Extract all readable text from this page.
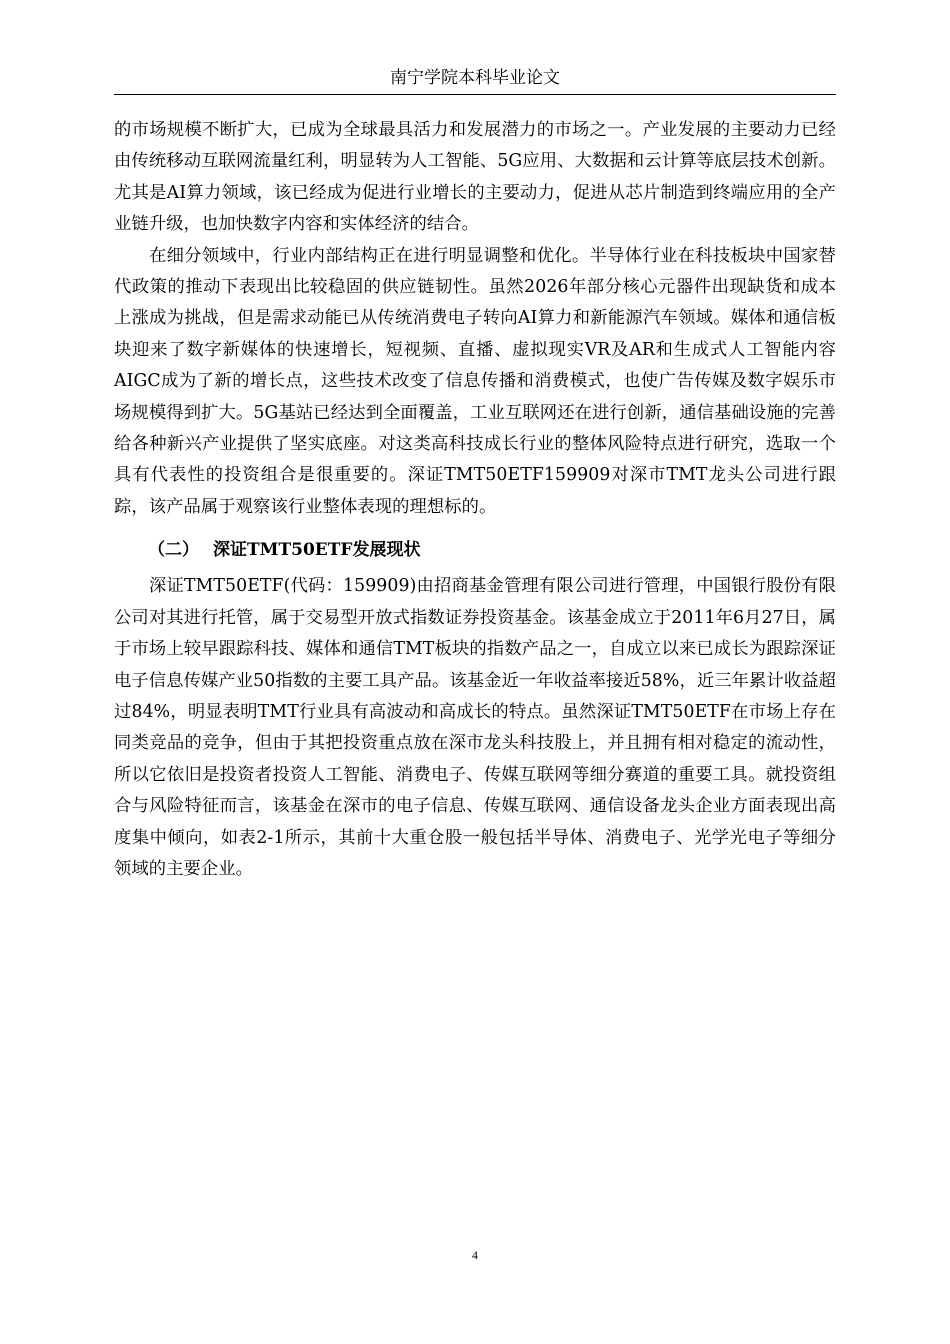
南宁学院本科毕业论文

的市场规模不断扩大，已成为全球最具活力和发展潜力的市场之一。产业发展的主要动力已经由传统移动互联网流量红利，明显转为人工智能、5G应用、大数据和云计算等底层技术创新。尤其是AI算力领域，该已经成为促进行业增长的主要动力，促进从芯片制造到终端应用的全产业链升级，也加快数字内容和实体经济的结合。

在细分领域中，行业内部结构正在进行明显调整和优化。半导体行业在科技板块中国家替代政策的推动下表现出比较稳固的供应链韧性。虽然2026年部分核心元器件出现缺货和成本上涨成为挑战，但是需求动能已从传统消费电子转向AI算力和新能源汽车领域。媒体和通信板块迎来了数字新媒体的快速增长，短视频、直播、虚拟现实VR及AR和生成式人工智能内容AIGC成为了新的增长点，这些技术改变了信息传播和消费模式，也使广告传媒及数字娱乐市场规模得到扩大。5G基站已经达到全面覆盖，工业互联网还在进行创新，通信基础设施的完善给各种新兴产业提供了坚实底座。对这类高科技成长行业的整体风险特点进行研究，选取一个具有代表性的投资组合是很重要的。深证TMT50ETF159909对深市TMT龙头公司进行跟踪，该产品属于观察该行业整体表现的理想标的。

（二） 深证TMT50ETF发展现状

深证TMT50ETF(代码：159909)由招商基金管理有限公司进行管理，中国银行股份有限公司对其进行托管，属于交易型开放式指数证券投资基金。该基金成立于2011年6月27日，属于市场上较早跟踪科技、媒体和通信TMT板块的指数产品之一，自成立以来已成长为跟踪深证电子信息传媒产业50指数的主要工具产品。该基金近一年收益率接近58%，近三年累计收益超过84%，明显表明TMT行业具有高波动和高成长的特点。虽然深证TMT50ETF在市场上存在同类竞品的竞争，但由于其把投资重点放在深市龙头科技股上，并且拥有相对稳定的流动性，所以它依旧是投资者投资人工智能、消费电子、传媒互联网等细分赛道的重要工具。就投资组合与风险特征而言，该基金在深市的电子信息、传媒互联网、通信设备龙头企业方面表现出高度集中倾向，如表2-1所示，其前十大重仓股一般包括半导体、消费电子、光学光电子等细分领域的主要企业。

4
